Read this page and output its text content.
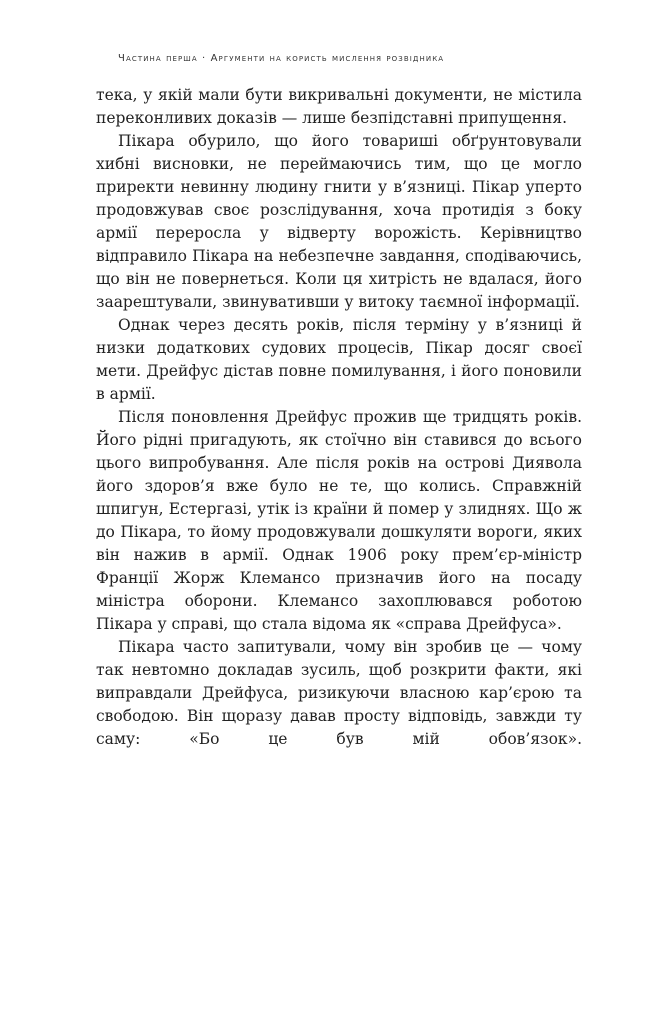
Частина перша · Аргументи на користь мислення розвідника

тека, у якій мали бути викривальні документи, не містила переконливих доказів — лише безпідставні припущення.

Пікара обурило, що його товариші обґрунтовували хибні висновки, не переймаючись тим, що це могло приректи невинну людину гнити у в’язниці. Пікар уперто продовжував своє розслідування, хоча протидія з боку армії переросла у відверту ворожість. Керівництво відправило Пікара на небезпечне завдання, сподіваючись, що він не повернеться. Коли ця хитрість не вдалася, його заарештували, звинувативши у витоку таємної інформації.

Однак через десять років, після терміну у в’язниці й низки додаткових судових процесів, Пікар досяг своєї мети. Дрейфус дістав повне помилування, і його поновили в армії.

Після поновлення Дрейфус прожив ще тридцять років. Його рідні пригадують, як стоїчно він ставився до всього цього випробування. Але після років на острові Диявола його здоров’я вже було не те, що колись. Справжній шпигун, Естергазі, утік із країни й помер у злиднях. Що ж до Пікара, то йому продовжували дошкуляти вороги, яких він нажив в армії. Однак 1906 року прем’єр-міністр Франції Жорж Клемансо призначив його на посаду міністра оборони. Клемансо захоплювався роботою Пікара у справі, що стала відома як «справа Дрейфуса».

Пікара часто запитували, чому він зробив це — чому так невтомно докладав зусиль, щоб розкрити факти, які виправдали Дрейфуса, ризикуючи власною кар’єрою та свободою. Він щоразу давав просту відповідь, завжди ту саму: «Бо це був мій обов’язок».
